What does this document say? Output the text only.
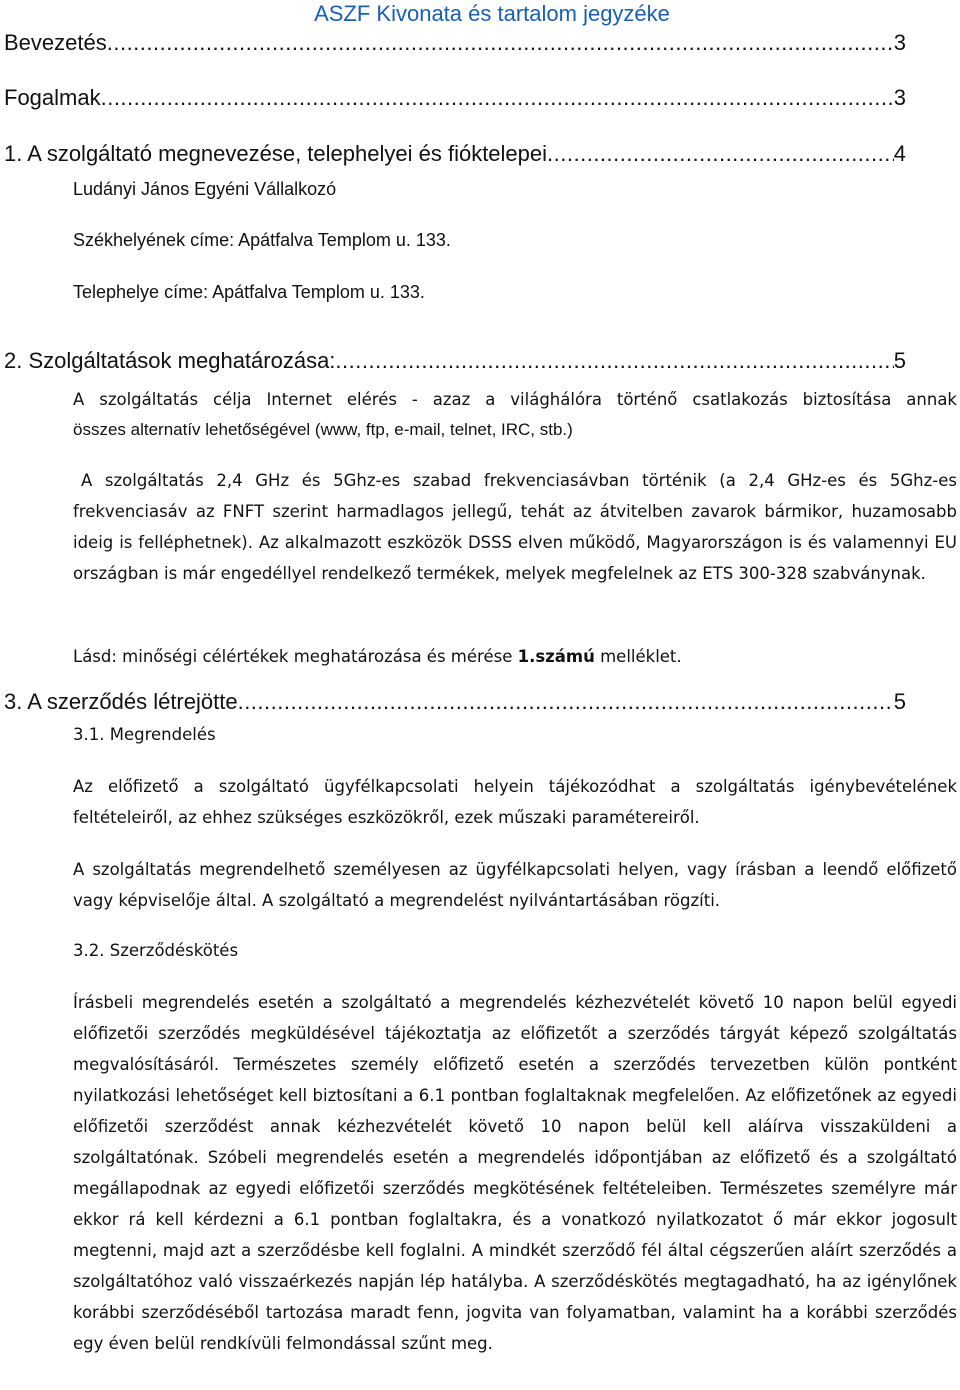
ASZF Kivonata és tartalom jegyzéke
Bevezetés .....	3
Fogalmak .....	3
1. A szolgáltató megnevezése, telephelyei és fióktelepei .....	4
Ludányi János Egyéni Vállalkozó
Székhelyének címe: Apátfalva Templom u. 133.
Telephelye címe: Apátfalva Templom u. 133.
2. Szolgáltatások meghatározása: .....	5
A szolgáltatás célja Internet elérés - azaz a világhálóra történő csatlakozás biztosítása annak
összes alternatív lehetőségével (www, ftp, e-mail, telnet, IRC, stb.)
A szolgáltatás 2,4 GHz és 5Ghz-es szabad frekvenciasávban történik (a 2,4 GHz-es és 5Ghz-es frekvenciasáv az FNFT szerint harmadlagos jellegű, tehát az átvitelben zavarok bármikor, huzamosabb ideig is felléphetnek). Az alkalmazott eszközök DSSS elven működő, Magyarországon is és valamennyi EU országban is már engedéllyel rendelkező termékek, melyek megfelelnek az ETS 300-328 szabványnak.
Lásd: minőségi célértékek meghatározása és mérése 1.számú melléklet.
3. A szerződés létrejötte .....	5
3.1. Megrendelés
Az előfizető a szolgáltató ügyfélkapcsolati helyein tájékozódhat a szolgáltatás igénybevételének feltételeiről, az ehhez szükséges eszközökről, ezek műszaki paramétereiről.
A szolgáltatás megrendelhető személyesen az ügyfélkapcsolati helyen, vagy írásban a leendő előfizető vagy képviselője által. A szolgáltató a megrendelést nyilvántartásában rögzíti.
3.2. Szerződéskötés
Írásbeli megrendelés esetén a szolgáltató a megrendelés kézhezvételét követő 10 napon belül egyedi előfizetői szerződés megküldésével tájékoztatja az előfizetőt a szerződés tárgyát képező szolgáltatás megvalósításáról. Természetes személy előfizető esetén a szerződés tervezetben külön pontként nyilatkozási lehetőséget kell biztosítani a 6.1 pontban foglaltaknak megfelelően. Az előfizetőnek az egyedi előfizetői szerződést annak kézhezvételét követő 10 napon belül kell aláírva visszaküldeni a szolgáltatónak. Szóbeli megrendelés esetén a megrendelés időpontjában az előfizető és a szolgáltató megállapodnak az egyedi előfizetői szerződés megkötésének feltételeiben. Természetes személyre már ekkor rá kell kérdezni a 6.1 pontban foglaltakra, és a vonatkozó nyilatkozatot ő már ekkor jogosult megtenni, majd azt a szerződésbe kell foglalni. A mindkét szerződő fél által cégszerűen aláírt szerződés a szolgáltatóhoz való visszaérkezés napján lép hatályba. A szerződéskötés megtagadható, ha az igénylőnek korábbi szerződéséből tartozása maradt fenn, jogvita van folyamatban, valamint ha a korábbi szerződés egy éven belül rendkívüli felmondással szűnt meg.
